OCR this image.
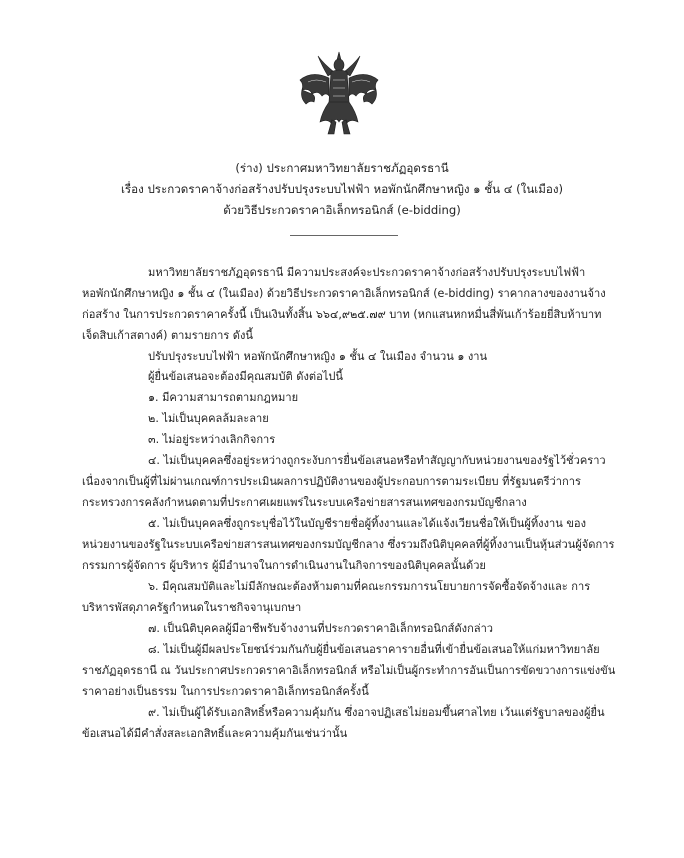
(ร่าง) ประกาศมหาวิทยาลัยราชภัฏอุดรธานี
เรื่อง ประกวดราคาจ้างก่อสร้างปรับปรุงระบบไฟฟ้า หอพักนักศึกษาหญิง ๑ ชั้น ๔ (ในเมือง)
ด้วยวิธีประกวดราคาอิเล็กทรอนิกส์ (e-bidding)
มหาวิทยาลัยราชภัฏอุดรธานี มีความประสงค์จะประกวดราคาจ้างก่อสร้างปรับปรุงระบบไฟฟ้า
หอพักนักศึกษาหญิง ๑ ชั้น ๔ (ในเมือง) ด้วยวิธีประกวดราคาอิเล็กทรอนิกส์ (e-bidding) ราคากลางของงานจ้าง
ก่อสร้าง ในการประกวดราคาครั้งนี้ เป็นเงินทั้งสิ้น ๖๖๔,๙๒๕.๗๙ บาท (หกแสนหกหมื่นสี่พันเก้าร้อยยี่สิบห้าบาท
เจ็ดสิบเก้าสตางค์) ตามรายการ ดังนี้
ปรับปรุงระบบไฟฟ้า หอพักนักศึกษาหญิง ๑ ชั้น ๔ ในเมือง จำนวน ๑ งาน
ผู้ยื่นข้อเสนอจะต้องมีคุณสมบัติ ดังต่อไปนี้
๑. มีความสามารถตามกฎหมาย
๒. ไม่เป็นบุคคลล้มละลาย
๓. ไม่อยู่ระหว่างเลิกกิจการ
๔. ไม่เป็นบุคคลซึ่งอยู่ระหว่างถูกระงับการยื่นข้อเสนอหรือทำสัญญากับหน่วยงานของรัฐไว้ชั่วคราว
เนื่องจากเป็นผู้ที่ไม่ผ่านเกณฑ์การประเมินผลการปฏิบัติงานของผู้ประกอบการตามระเบียบ ที่รัฐมนตรีว่าการ
กระทรวงการคลังกำหนดตามที่ประกาศเผยแพร่ในระบบเครือข่ายสารสนเทศของกรมบัญชีกลาง
๕. ไม่เป็นบุคคลซึ่งถูกระบุชื่อไว้ในบัญชีรายชื่อผู้ทิ้งงานและได้แจ้งเวียนชื่อให้เป็นผู้ทิ้งงาน ของ
หน่วยงานของรัฐในระบบเครือข่ายสารสนเทศของกรมบัญชีกลาง ซึ่งรวมถึงนิติบุคคลที่ผู้ทิ้งงานเป็นหุ้นส่วนผู้จัดการ
กรรมการผู้จัดการ ผู้บริหาร ผู้มีอำนาจในการดำเนินงานในกิจการของนิติบุคคลนั้นด้วย
๖. มีคุณสมบัติและไม่มีลักษณะต้องห้ามตามที่คณะกรรมการนโยบายการจัดซื้อจัดจ้างและ การ
บริหารพัสดุภาครัฐกำหนดในราชกิจจานุเบกษา
๗. เป็นนิติบุคคลผู้มีอาชีพรับจ้างงานที่ประกวดราคาอิเล็กทรอนิกส์ดังกล่าว
๘. ไม่เป็นผู้มีผลประโยชน์ร่วมกันกับผู้ยื่นข้อเสนอราคารายอื่นที่เข้ายื่นข้อเสนอให้แก่มหาวิทยาลัย
ราชภัฏอุดรธานี ณ วันประกาศประกวดราคาอิเล็กทรอนิกส์ หรือไม่เป็นผู้กระทำการอันเป็นการขัดขวางการแข่งขัน
ราคาอย่างเป็นธรรม ในการประกวดราคาอิเล็กทรอนิกส์ครั้งนี้
๙. ไม่เป็นผู้ได้รับเอกสิทธิ์หรือความคุ้มกัน ซึ่งอาจปฏิเสธไม่ยอมขึ้นศาลไทย เว้นแต่รัฐบาลของผู้ยื่น
ข้อเสนอได้มีคำสั่งสละเอกสิทธิ์และความคุ้มกันเช่นว่านั้น
